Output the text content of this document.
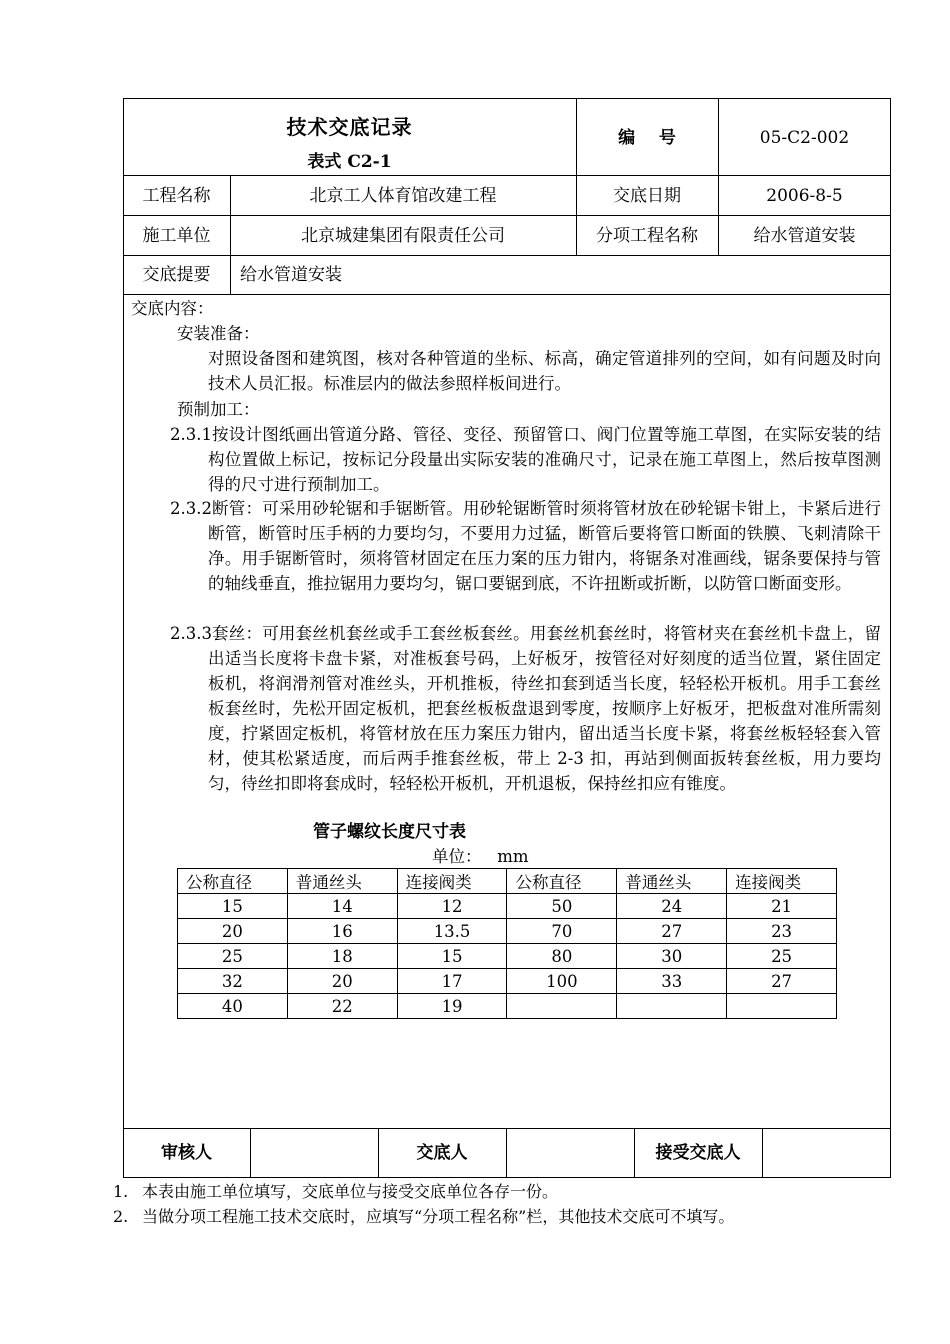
技术交底记录
表式 C2-1
编    号	05-C2-002
工程名称	北京工人体育馆改建工程	交底日期	2006-8-5
施工单位	北京城建集团有限责任公司	分项工程名称	给水管道安装
交底提要	给水管道安装
交底内容：
安装准备：
对照设备图和建筑图，核对各种管道的坐标、标高，确定管道排列的空间，如有问题及时向技术人员汇报。标准层内的做法参照样板间进行。
预制加工：
2.3.1 按设计图纸画出管道分路、管径、变径、预留管口、阀门位置等施工草图，在实际安装的结构位置做上标记，按标记分段量出实际安装的准确尺寸，记录在施工草图上，然后按草图测得的尺寸进行预制加工。
2.3.2 断管：可采用砂轮锯和手锯断管。用砂轮锯断管时须将管材放在砂轮锯卡钳上，卡紧后进行断管，断管时压手柄的力要均匀，不要用力过猛，断管后要将管口断面的铁膜、飞刺清除干净。用手锯断管时，须将管材固定在压力案的压力钳内，将锯条对准画线，锯条要保持与管的轴线垂直，推拉锯用力要均匀，锯口要锯到底，不许扭断或折断，以防管口断面变形。
2.3.3 套丝：可用套丝机套丝或手工套丝板套丝。用套丝机套丝时，将管材夹在套丝机卡盘上，留出适当长度将卡盘卡紧，对准板套号码，上好板牙，按管径对好刻度的适当位置，紧住固定板机，将润滑剂管对准丝头，开机推板，待丝扣套到适当长度，轻轻松开板机。用手工套丝板套丝时，先松开固定板机，把套丝板板盘退到零度，按顺序上好板牙，把板盘对准所需刻度，拧紧固定板机，将管材放在压力案压力钳内，留出适当长度卡紧，将套丝板轻轻套入管材，使其松紧适度，而后两手推套丝板，带上 2-3 扣，再站到侧面扳转套丝板，用力要均匀，待丝扣即将套成时，轻轻松开板机，开机退板，保持丝扣应有锥度。
管子螺纹长度尺寸表
单位：   mm
公称直径	普通丝头	连接阀类	公称直径	普通丝头	连接阀类
15	14	12	50	24	21
20	16	13.5	70	27	23
25	18	15	80	30	25
32	20	17	100	33	27
40	22	19			
审核人	交底人	接受交底人
1. 本表由施工单位填写，交底单位与接受交底单位各存一份。
2. 当做分项工程施工技术交底时，应填写“分项工程名称”栏，其他技术交底可不填写。
